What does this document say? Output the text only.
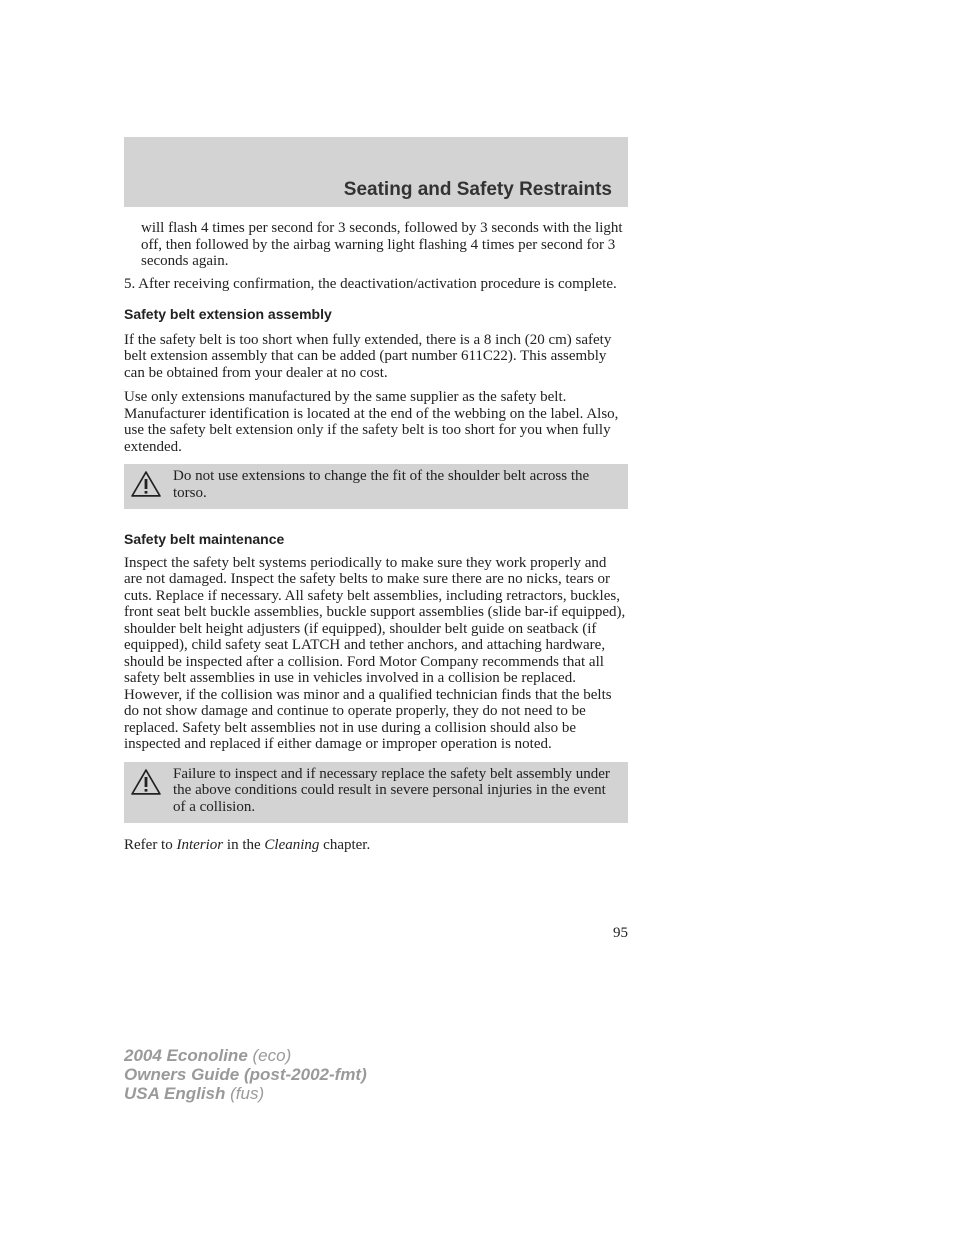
Seating and Safety Restraints

will flash 4 times per second for 3 seconds, followed by 3 seconds with the light off, then followed by the airbag warning light flashing 4 times per second for 3 seconds again.

5. After receiving confirmation, the deactivation/activation procedure is complete.

Safety belt extension assembly

If the safety belt is too short when fully extended, there is a 8 inch (20 cm) safety belt extension assembly that can be added (part number 611C22). This assembly can be obtained from your dealer at no cost.

Use only extensions manufactured by the same supplier as the safety belt. Manufacturer identification is located at the end of the webbing on the label. Also, use the safety belt extension only if the safety belt is too short for you when fully extended.

Do not use extensions to change the fit of the shoulder belt across the torso.

Safety belt maintenance

Inspect the safety belt systems periodically to make sure they work properly and are not damaged. Inspect the safety belts to make sure there are no nicks, tears or cuts. Replace if necessary. All safety belt assemblies, including retractors, buckles, front seat belt buckle assemblies, buckle support assemblies (slide bar-if equipped), shoulder belt height adjusters (if equipped), shoulder belt guide on seatback (if equipped), child safety seat LATCH and tether anchors, and attaching hardware, should be inspected after a collision. Ford Motor Company recommends that all safety belt assemblies in use in vehicles involved in a collision be replaced. However, if the collision was minor and a qualified technician finds that the belts do not show damage and continue to operate properly, they do not need to be replaced. Safety belt assemblies not in use during a collision should also be inspected and replaced if either damage or improper operation is noted.

Failure to inspect and if necessary replace the safety belt assembly under the above conditions could result in severe personal injuries in the event of a collision.

Refer to Interior in the Cleaning chapter.

95
2004 Econoline (eco)
Owners Guide (post-2002-fmt)
USA English (fus)
